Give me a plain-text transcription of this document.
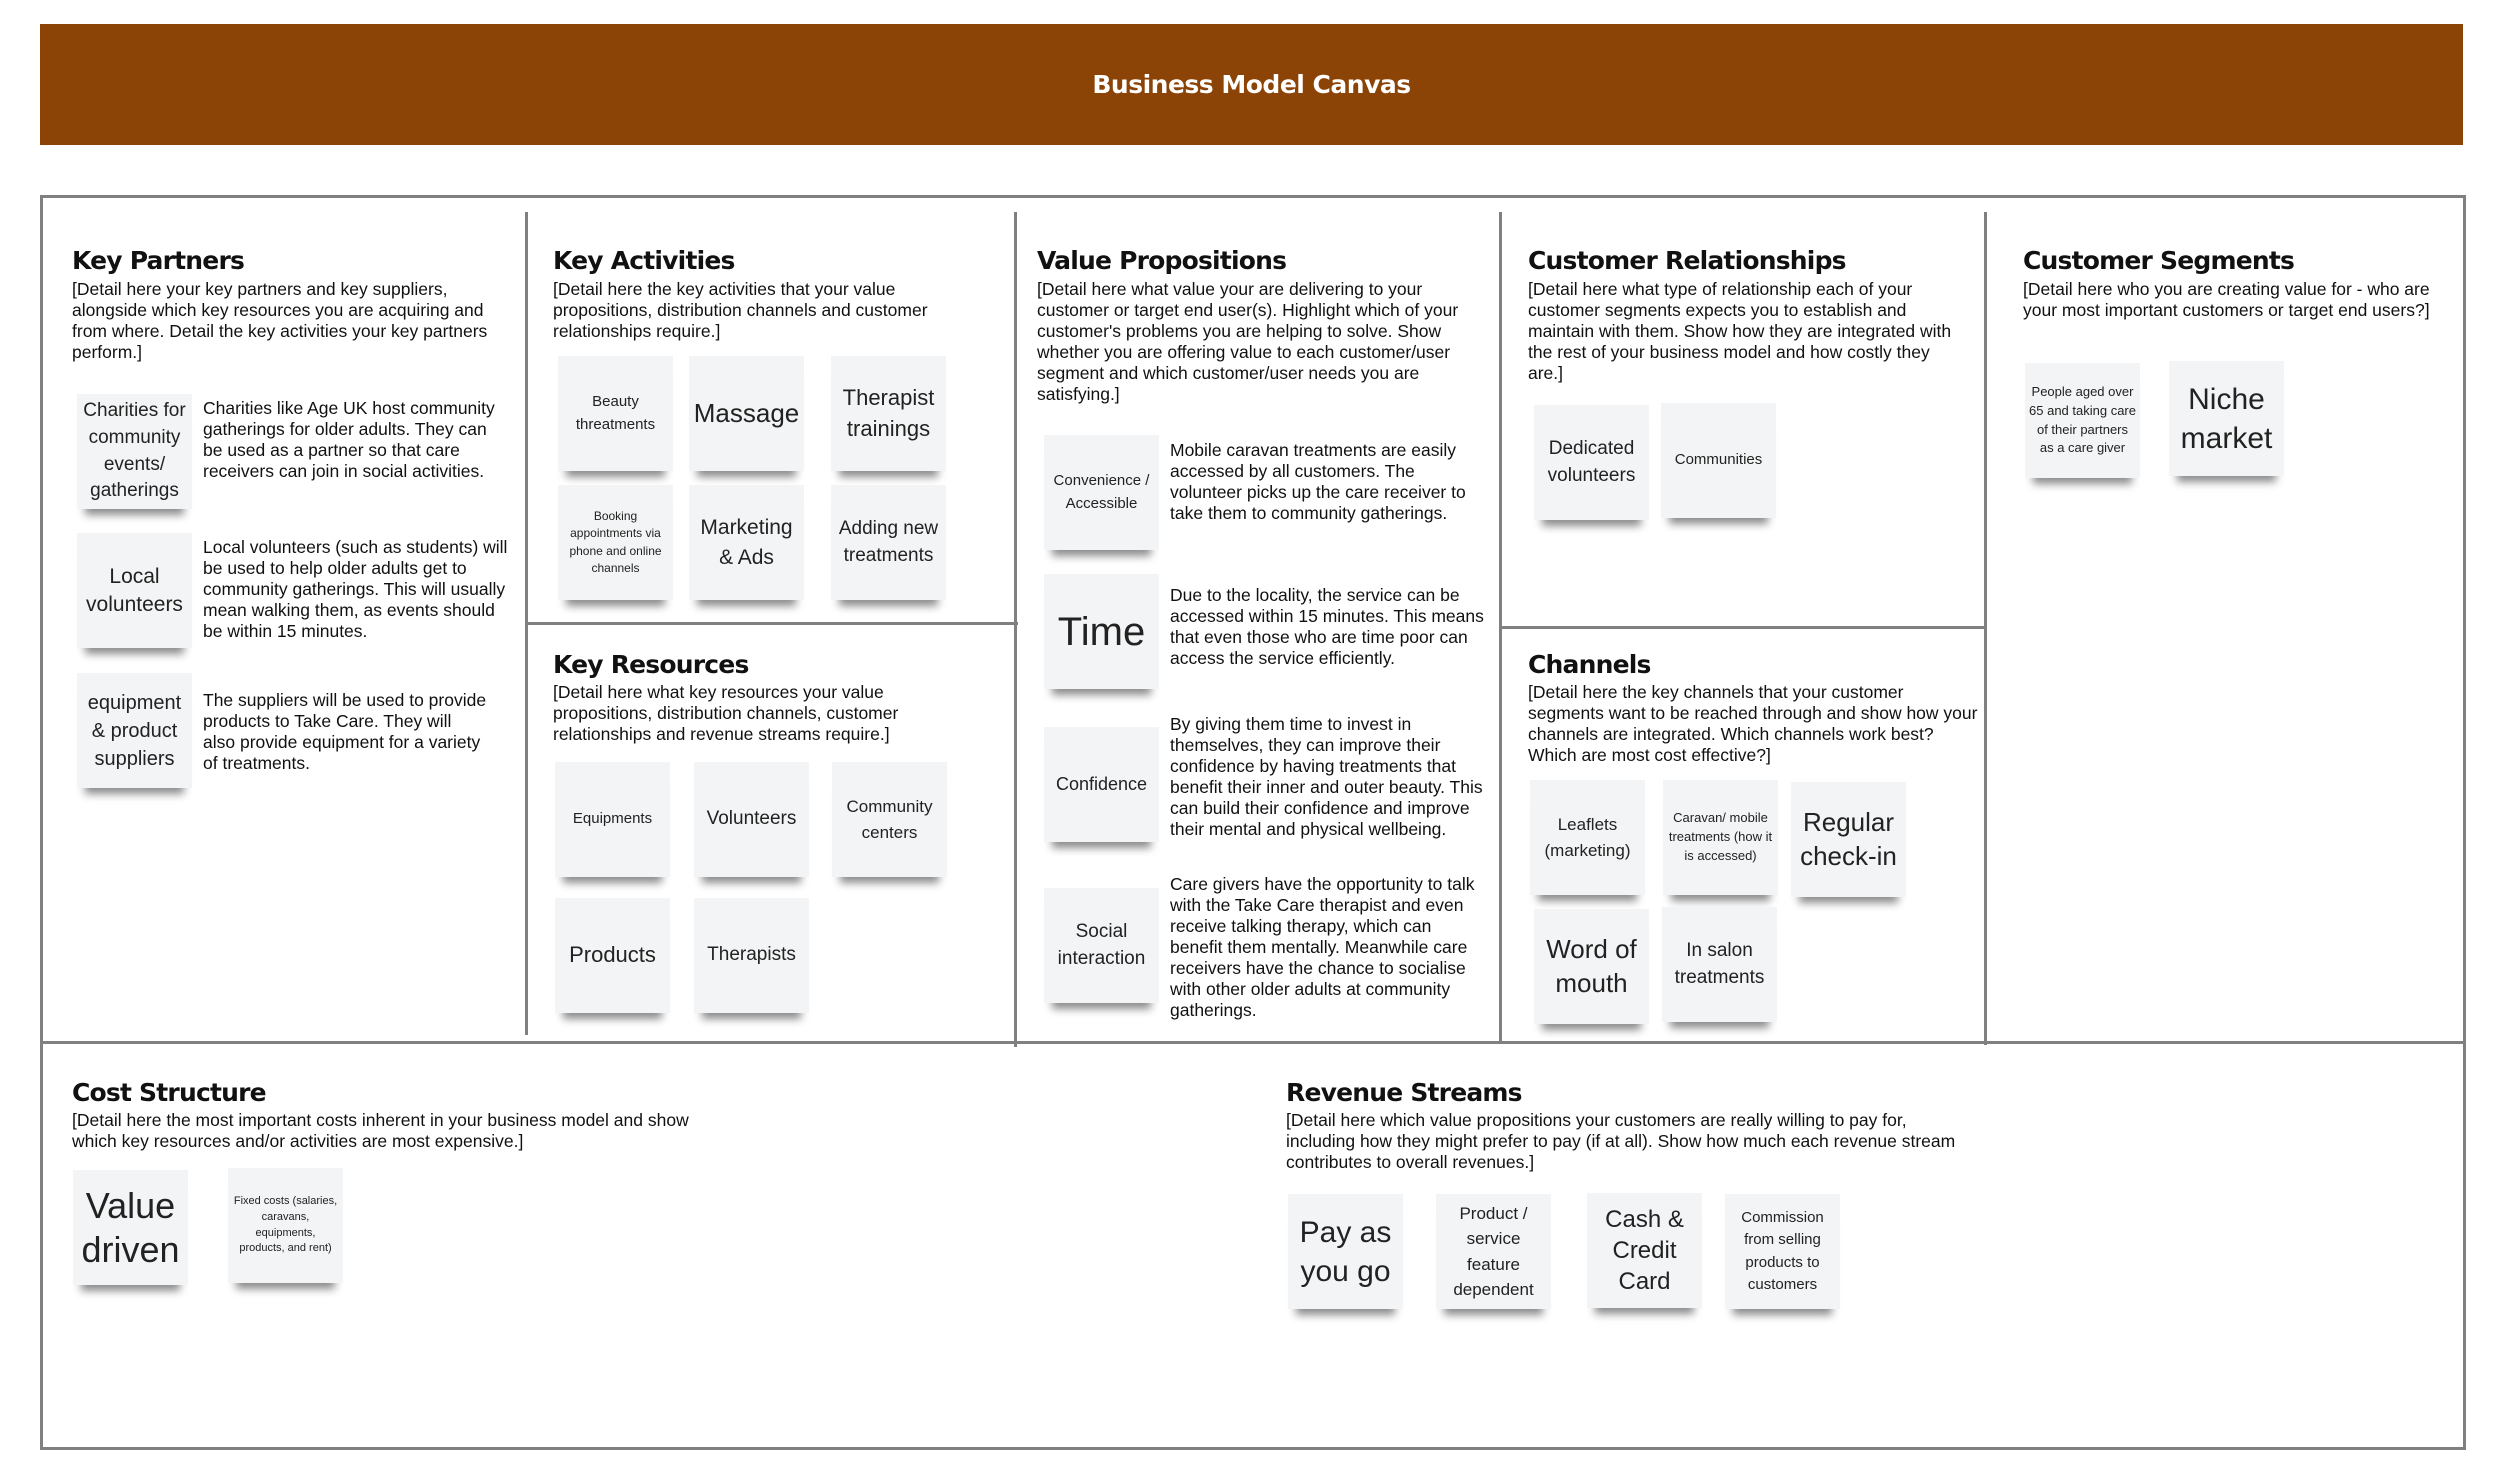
Business Model Canvas
Key Partners
[Detail here your key partners and key suppliers, alongside which key resources you are acquiring and from where. Detail the key activities your key partners perform.]
Charities for community events/ gatherings
Charities like Age UK host community gatherings for older adults. They can be used as a partner so that care receivers can join in social activities.
Local volunteers
Local volunteers (such as students) will be used to help older adults get to community gatherings. This will usually mean walking them, as events should be within 15 minutes.
equipment & product suppliers
The suppliers will be used to provide products to Take Care. They will also provide equipment for a variety of treatments.
Key Activities
[Detail here the key activities that your value propositions, distribution channels and customer relationships require.]
Beauty threatments	Massage
Therapist trainings
Booking appointments via phone and online channels
Marketing & Ads
Adding new treatments
Key Resources
[Detail here what key resources your value propositions, distribution channels, customer relationships and revenue streams require.]
Equipments	Volunteers
Community centers
Products	Therapists
Value Propositions
[Detail here what value your are delivering to your customer or target end user(s). Highlight which of your customer's problems you are helping to solve. Show whether you are offering value to each customer/user segment and which customer/user needs you are satisfying.]
Convenience / Accessible
Mobile caravan treatments are easily accessed by all customers. The volunteer picks up the care receiver to take them to community gatherings.
Time
Due to the locality, the service can be accessed within 15 minutes. This means that even those who are time poor can access the service efficiently.
Confidence
By giving them time to invest in themselves, they can improve their confidence by having treatments that benefit their inner and outer beauty. This can build their confidence and improve their mental and physical wellbeing.
Social interaction
Care givers have the opportunity to talk with the Take Care therapist and even receive talking therapy, which can benefit them mentally. Meanwhile care receivers have the chance to socialise with other older adults at community gatherings.
Customer Relationships
[Detail here what type of relationship each of your customer segments expects you to establish and maintain with them. Show how they are integrated with the rest of your business model and how costly they are.]
Dedicated volunteers
Communities
Channels
[Detail here the key channels that your customer segments want to be reached through and show how your channels are integrated. Which channels work best? Which are most cost effective?]
Leaflets (marketing)
Caravan/ mobile treatments (how it is accessed)
Regular check-in
Word of mouth
In salon treatments
Customer Segments
[Detail here who you are creating value for - who are your most important customers or target end users?]
People aged over 65 and taking care of their partners as a care giver
Niche market
Cost Structure
[Detail here the most important costs inherent in your business model and show which key resources and/or activities are most expensive.]
Value driven
Fixed costs (salaries, caravans, equipments, products, and rent)
Revenue Streams
[Detail here which value propositions your customers are really willing to pay for, including how they might prefer to pay (if at all). Show how much each revenue stream contributes to overall revenues.]
Pay as you go
Product / service feature dependent
Cash & Credit Card
Commission from selling products to customers
